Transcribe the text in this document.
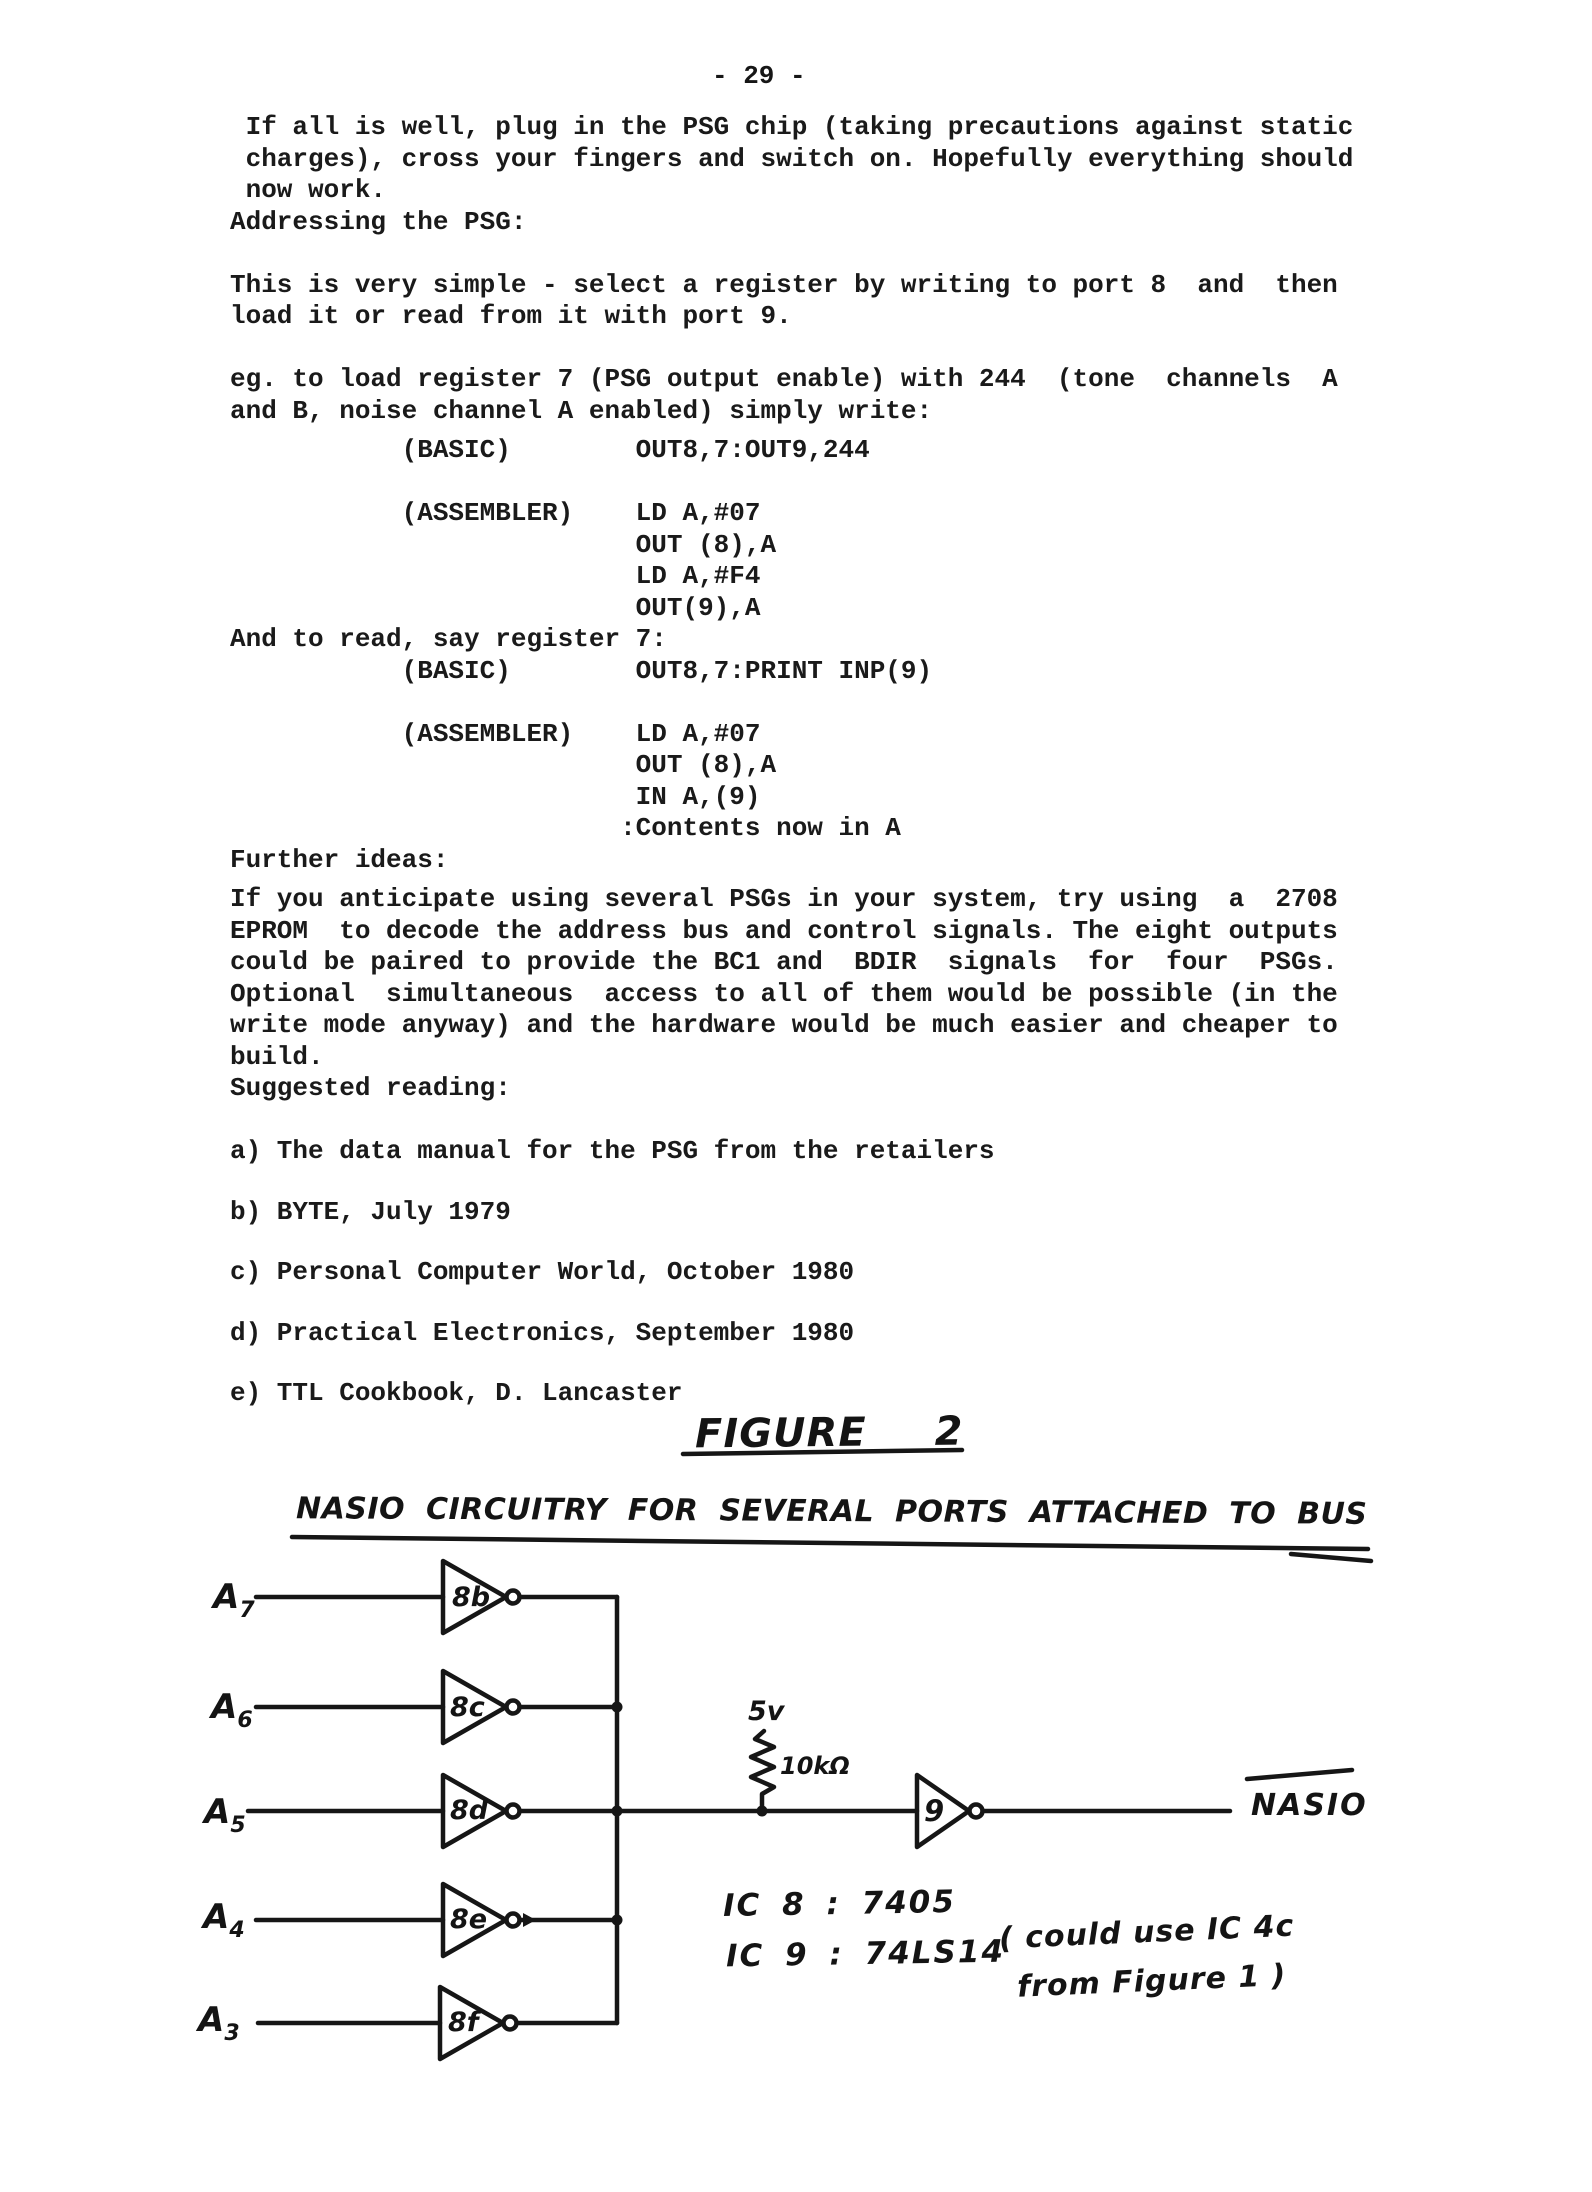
- 29 -
If all is well, plug in the PSG chip (taking precautions against static
charges), cross your fingers and switch on. Hopefully everything should
now work.
Addressing the PSG:
This is very simple - select a register by writing to port 8  and  then
load it or read from it with port 9.
eg. to load register 7 (PSG output enable) with 244  (tone  channels  A
and B, noise channel A enabled) simply write:
(BASIC)        OUT8,7:OUT9,244
(ASSEMBLER)    LD A,#07
OUT (8),A
LD A,#F4
OUT(9),A
And to read, say register 7:
(BASIC)        OUT8,7:PRINT INP(9)
(ASSEMBLER)    LD A,#07
OUT (8),A
IN A,(9)
:Contents now in A
Further ideas:
If you anticipate using several PSGs in your system, try using  a  2708
EPROM  to decode the address bus and control signals. The eight outputs
could be paired to provide the BC1 and  BDIR  signals  for  four  PSGs.
Optional  simultaneous  access to all of them would be possible (in the
write mode anyway) and the hardware would be much easier and cheaper to
build.
Suggested reading:
a) The data manual for the PSG from the retailers
b) BYTE, July 1979
c) Personal Computer World, October 1980
d) Practical Electronics, September 1980
e) TTL Cookbook, D. Lancaster
FIGURE 2
NASIO CIRCUITRY FOR SEVERAL PORTS ATTACHED TO BUS
$A_7$
$A_6$
$A_5$
$A_4$
$A_3$
8b
8c
8d
8e
8f
9
5v
10kΩ
NASIO
IC 8 : 7405
IC 9 : 74LS14
( could use IC 4c
from Figure 1 )
